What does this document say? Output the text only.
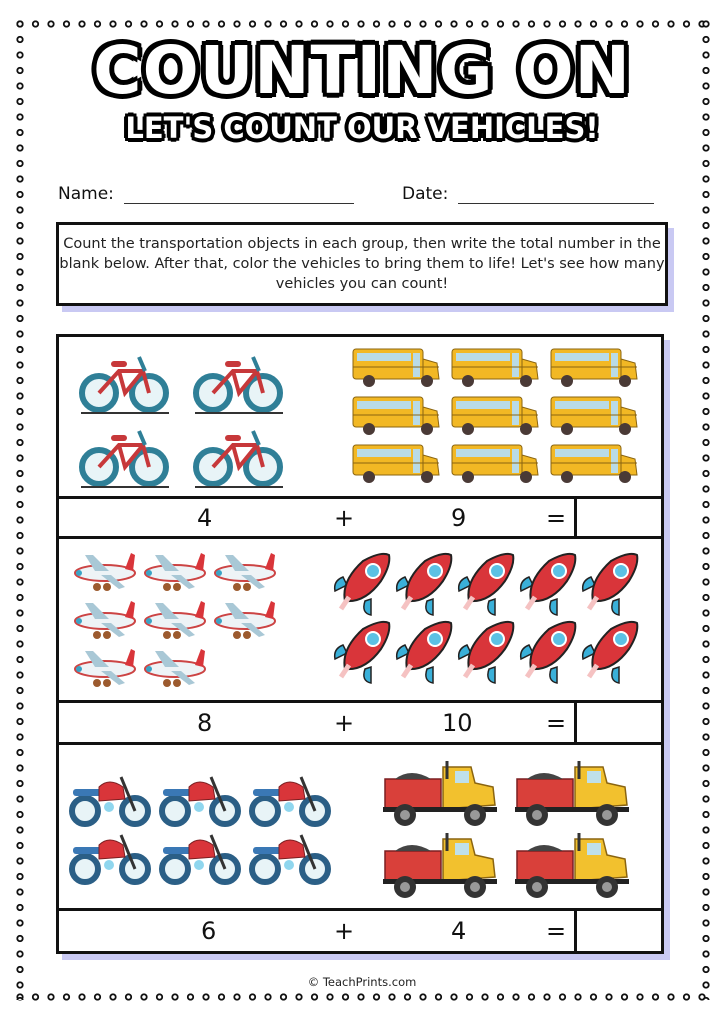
COUNTING ON
LET'S COUNT OUR VEHICLES!
Name:	Date:
Count the transportation objects in each group, then write the total number in the blank below. After that, color the vehicles to bring them to life! Let's see how many vehicles you can count!
4	+	9	=
8	+	10	=
6	+	4	=
© TeachPrints.com
